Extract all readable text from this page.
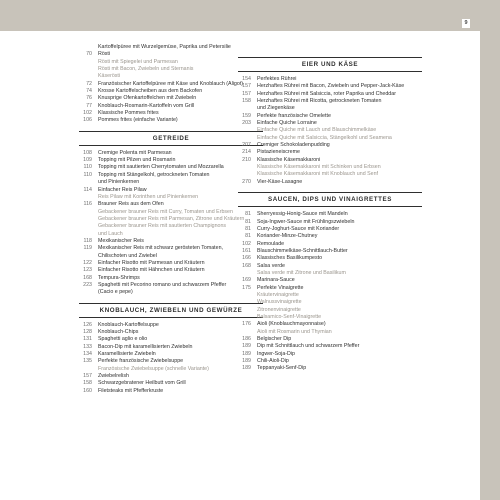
9
Kartoffelpüree mit Wurzelgemüse, Paprika und Petersilie
70	Rösti
Rösti mit Spiegelei und Parmesan
Rösti mit Bacon, Zwiebeln und Sternanis
Käserösti
72	Französischer Kartoffelpüree mit Käse und Knoblauch (Aligot)
74	Krosse Kartoffelscheiben aus dem Backofen
76	Knusprige Ofenkartoffelchen mit Zwiebeln
77	Knoblauch-Rosmarin-Kartoffeln vom Grill
102	Klassische Pommes frites
106	Pommes frites (einfache Variante)
GETREIDE
108	Cremige Polenta mit Parmesan
109	Topping mit Pilzen und Rosmarin
110	Topping mit sautierten Cherrytomaten und Mozzarella
110	Topping mit Stängelkohl, getrockneten Tomaten
und Pinienkernen
114	Einfacher Reis Pilaw
Reis Pilaw mit Korinthen und Pinienkernen
116	Brauner Reis aus dem Ofen
Gebackener brauner Reis mit Curry, Tomaten und Erbsen
Gebackener brauner Reis mit Parmesan, Zitrone und Kräutern
Gebackener brauner Reis mit sautierten Champignons
und Lauch
118	Mexikanischer Reis
119	Mexikanischer Reis mit schwarz gerösteten Tomaten,
Chilischoten und Zwiebel
122	Einfacher Risotto mit Parmesan und Kräutern
123	Einfacher Risotto mit Hähnchen und Kräutern
168	Tempura-Shrimps
223	Spaghetti mit Pecorino romano und schwarzem Pfeffer
(Cacio e pepe)
KNOBLAUCH, ZWIEBELN UND GEWÜRZE
126	Knoblauch-Kartoffelsuppe
128	Knoblauch-Chips
131	Spaghetti aglio e olio
133	Bacon-Dip mit karamellisierten Zwiebeln
134	Karamellisierte Zwiebeln
135	Perfekte französische Zwiebelsuppe
Französische Zwiebelsuppe (schnelle Variante)
157	Zwiebelrelish
158	Schwarzgebratener Heilbutt vom Grill
160	Filetsteaks mit Pfefferkruste
EIER UND KÄSE
154	Perfektes Rührei
157	Herzhaftes Rührei mit Bacon, Zwiebeln und Pepper-Jack-Käse
157	Herzhaftes Rührei mit Salsiccia, roter Paprika und Cheddar
158	Herzhaftes Rührei mit Ricotta, getrockneten Tomaten
und Ziegenkäse
159	Perfekte französische Omelette
203	Einfache Quiche Lorraine
Einfache Quiche mit Lauch und Blauschimmelkäse
Einfache Quiche mit Salsiccia, Stängelkohl und Seamena
207	Cremiger Schokoladenpudding
214	Pistazieneiscreme
210	Klassische Käsemakkaroni
Klassische Käsemakkaroni mit Schinken und Erbsen
Klassische Käsemakkaroni mit Knoblauch und Senf
270	Vier-Käse-Lasagne
SAUCEN, DIPS UND VINAIGRETTES
81	Sherryessig-Honig-Sauce mit Mandeln
81	Soja-Ingwer-Sauce mit Frühlingszwiebeln
81	Curry-Joghurt-Sauce mit Koriander
81	Koriander-Minze-Chutney
102	Remoulade
161	Blauschimmelkäse-Schnittlauch-Butter
166	Klassisches Basilikumpesto
168	Salsa verde
Salsa verde mit Zitrone und Basilikum
169	Marinara-Sauce
175	Perfekte Vinaigrette
Kräutervinaigrette
Walnussvinaigrette
Zitronenvinaigrette
Balsamico-Senf-Vinaigrette
176	Aioli (Knoblauchmayonnaise)
Aioli mit Rosmarin und Thymian
186	Belgischer Dip
189	Dip mit Schnittlauch und schwarzem Pfeffer
189	Ingwer-Soja-Dip
189	Chili-Aioli-Dip
189	Teppanyaki-Senf-Dip
